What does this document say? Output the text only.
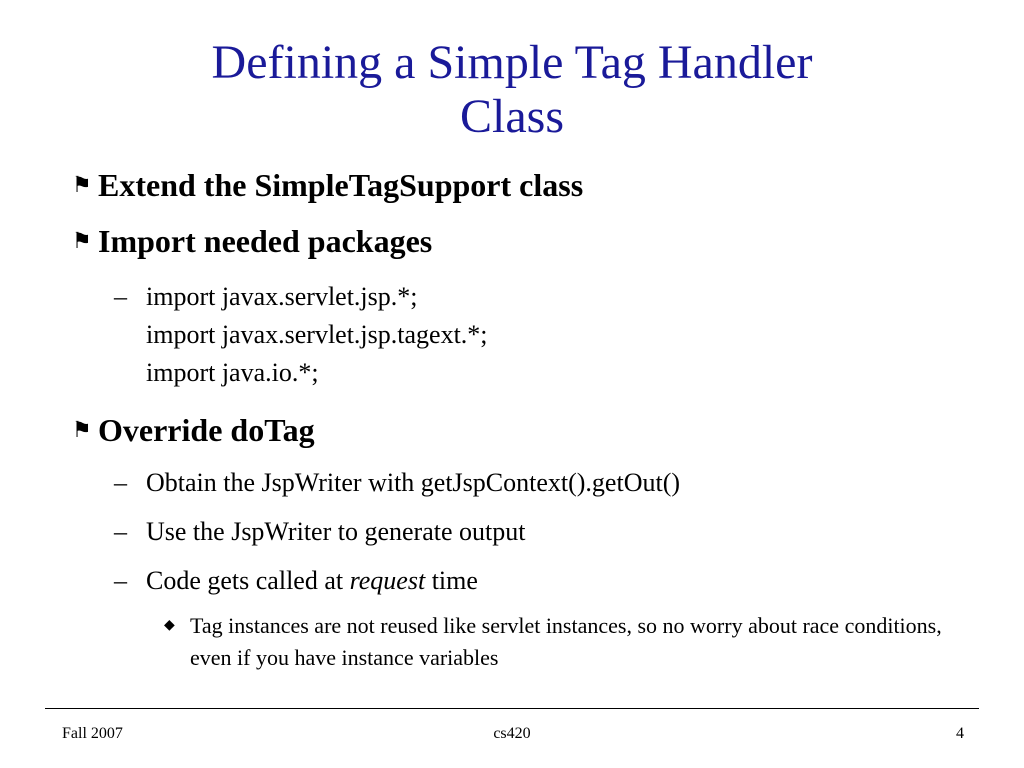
Defining a Simple Tag Handler
Class
⚑ Extend the SimpleTagSupport class
⚑ Import needed packages
– import javax.servlet.jsp.*;
import javax.servlet.jsp.tagext.*;
import java.io.*;
⚑ Override doTag
– Obtain the JspWriter with getJspContext().getOut()
– Use the JspWriter to generate output
– Code gets called at request time
◆ Tag instances are not reused like servlet instances, so no worry about race conditions, even if you have instance variables
Fall 2007	cs420	4
